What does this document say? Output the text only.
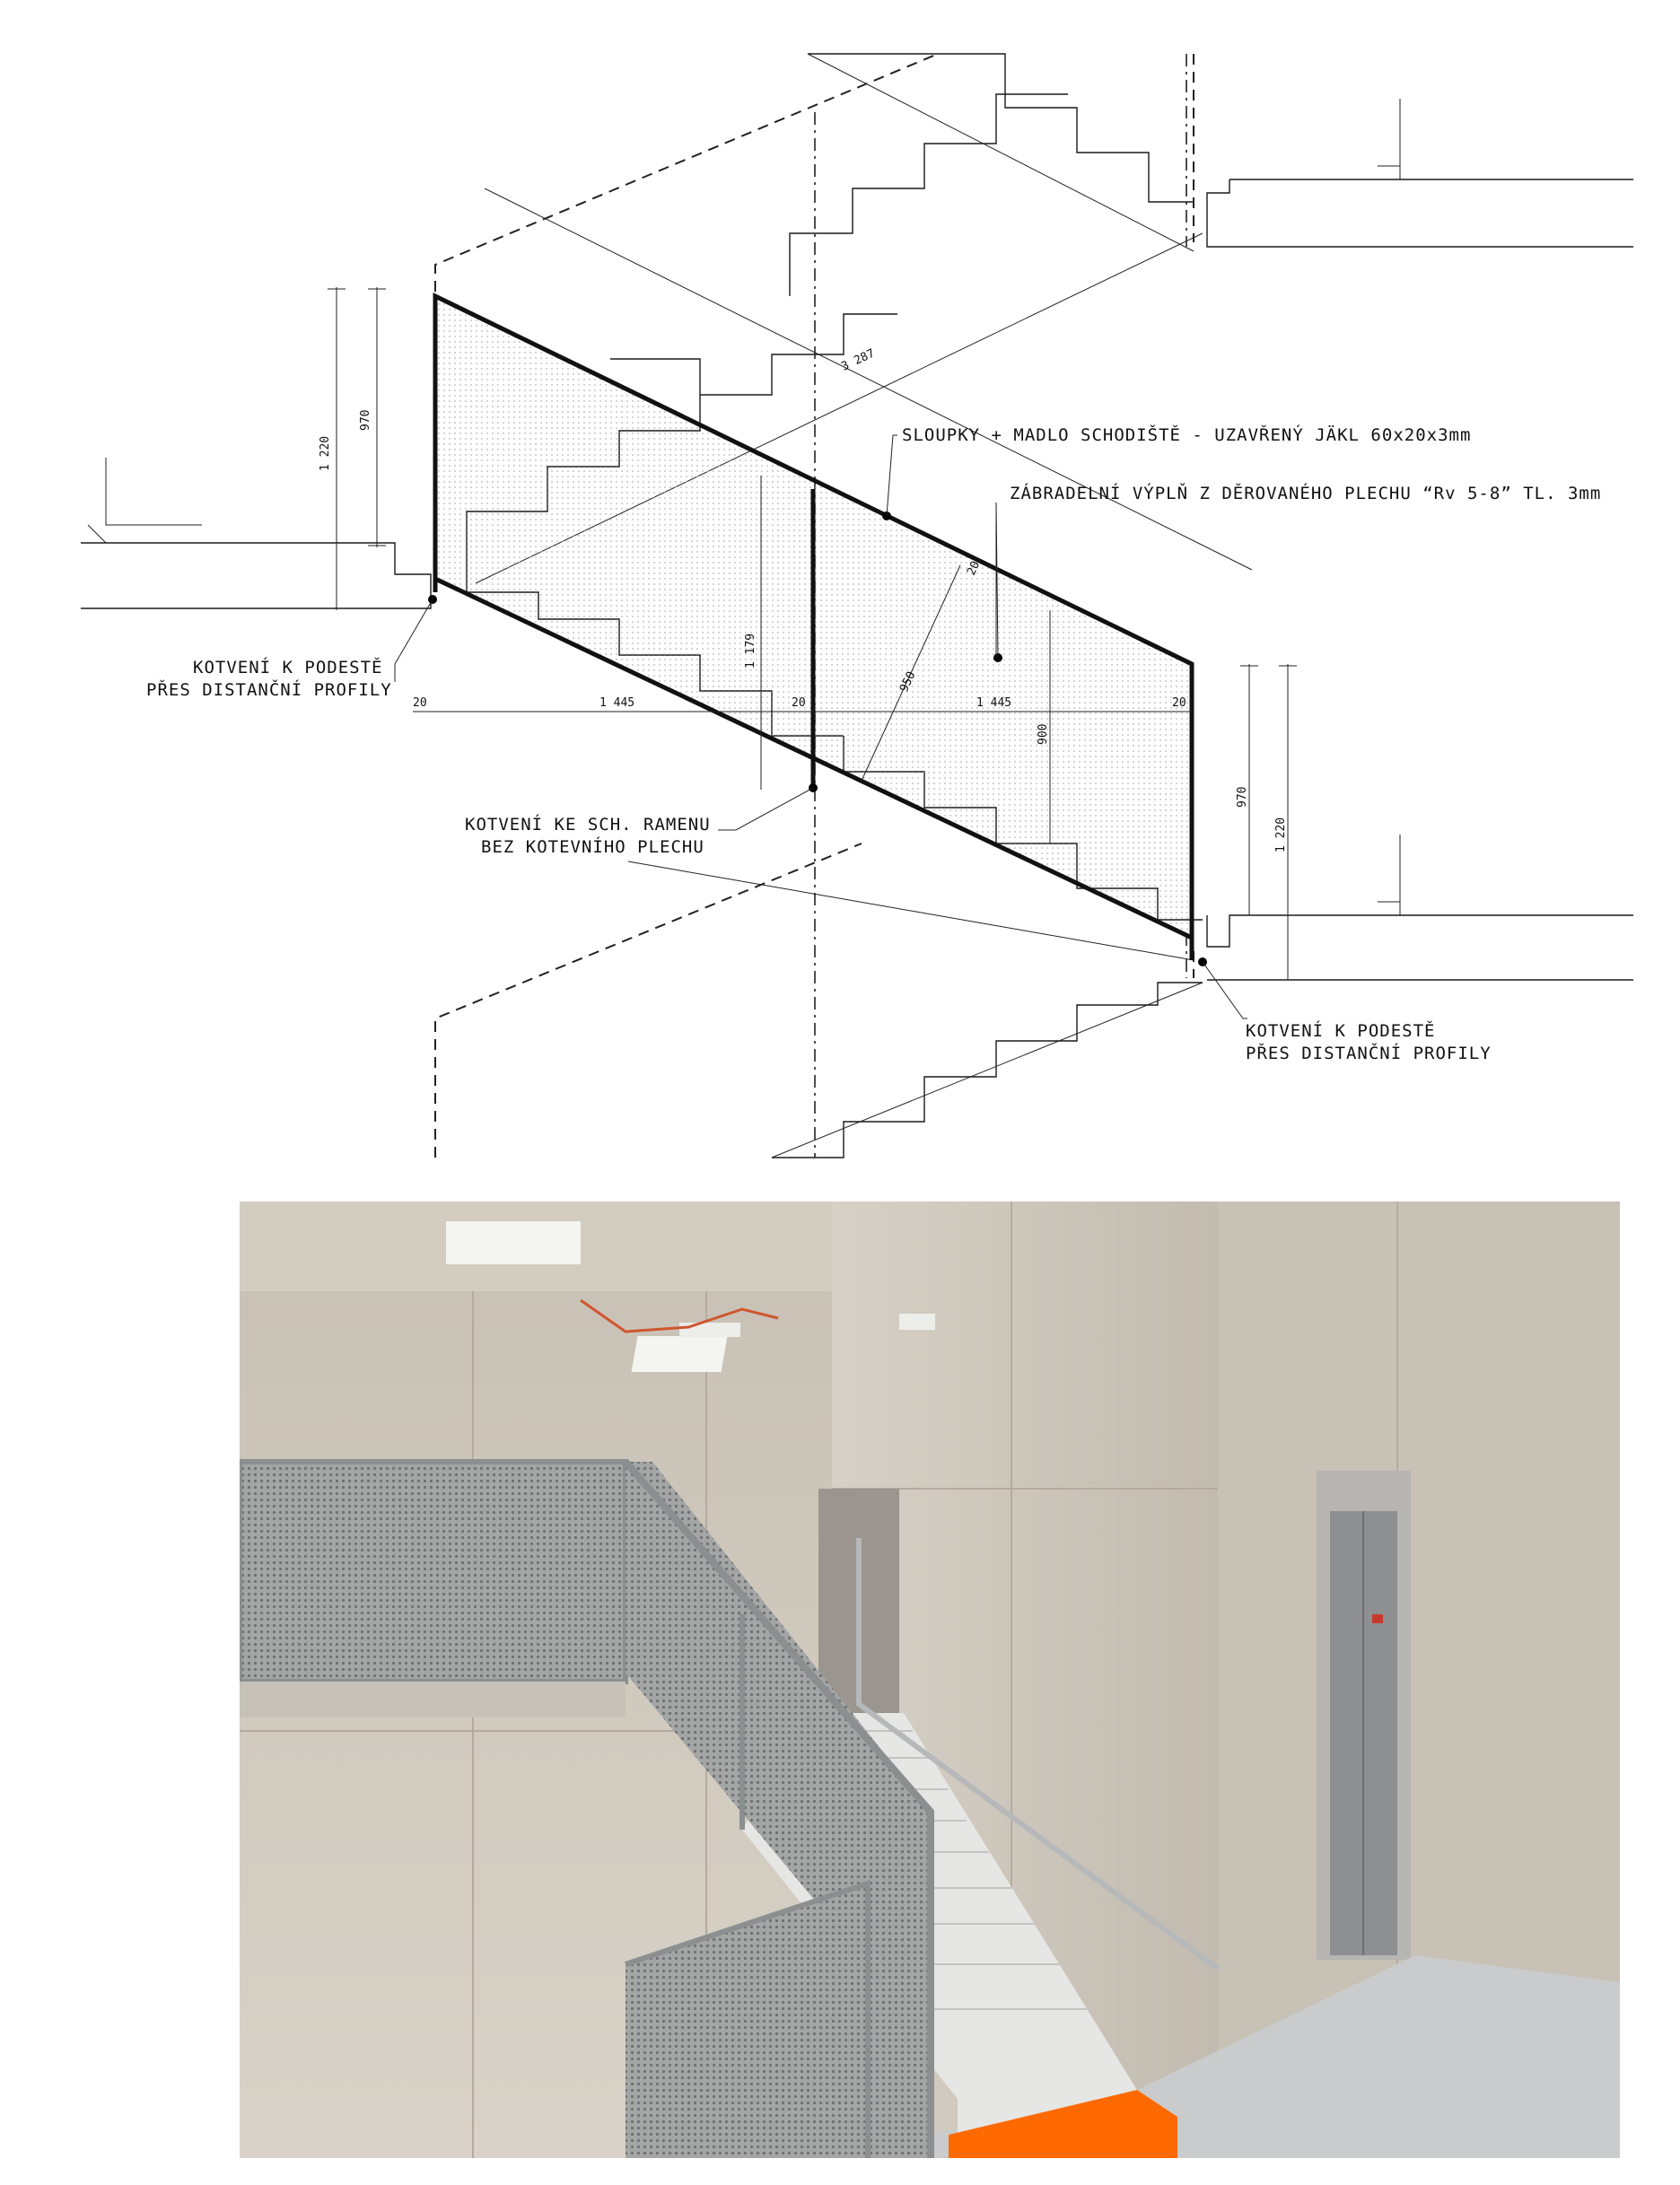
1 220
970
1 179
950
900
970
1 220
3 287
20
20	1 445	20	1 445	20
SLOUPKY + MADLO SCHODIŠTĚ - UZAVŘENÝ JÄKL 60x20x3mm
ZÁBRADELNÍ VÝPLŇ Z DĚROVANÉHO PLECHU “Rv 5-8” TL. 3mm
KOTVENÍ K PODESTĚ
PŘES DISTANČNÍ PROFILY
KOTVENÍ KE SCH. RAMENU
BEZ KOTEVNÍHO PLECHU
KOTVENÍ K PODESTĚ
PŘES DISTANČNÍ PROFILY
